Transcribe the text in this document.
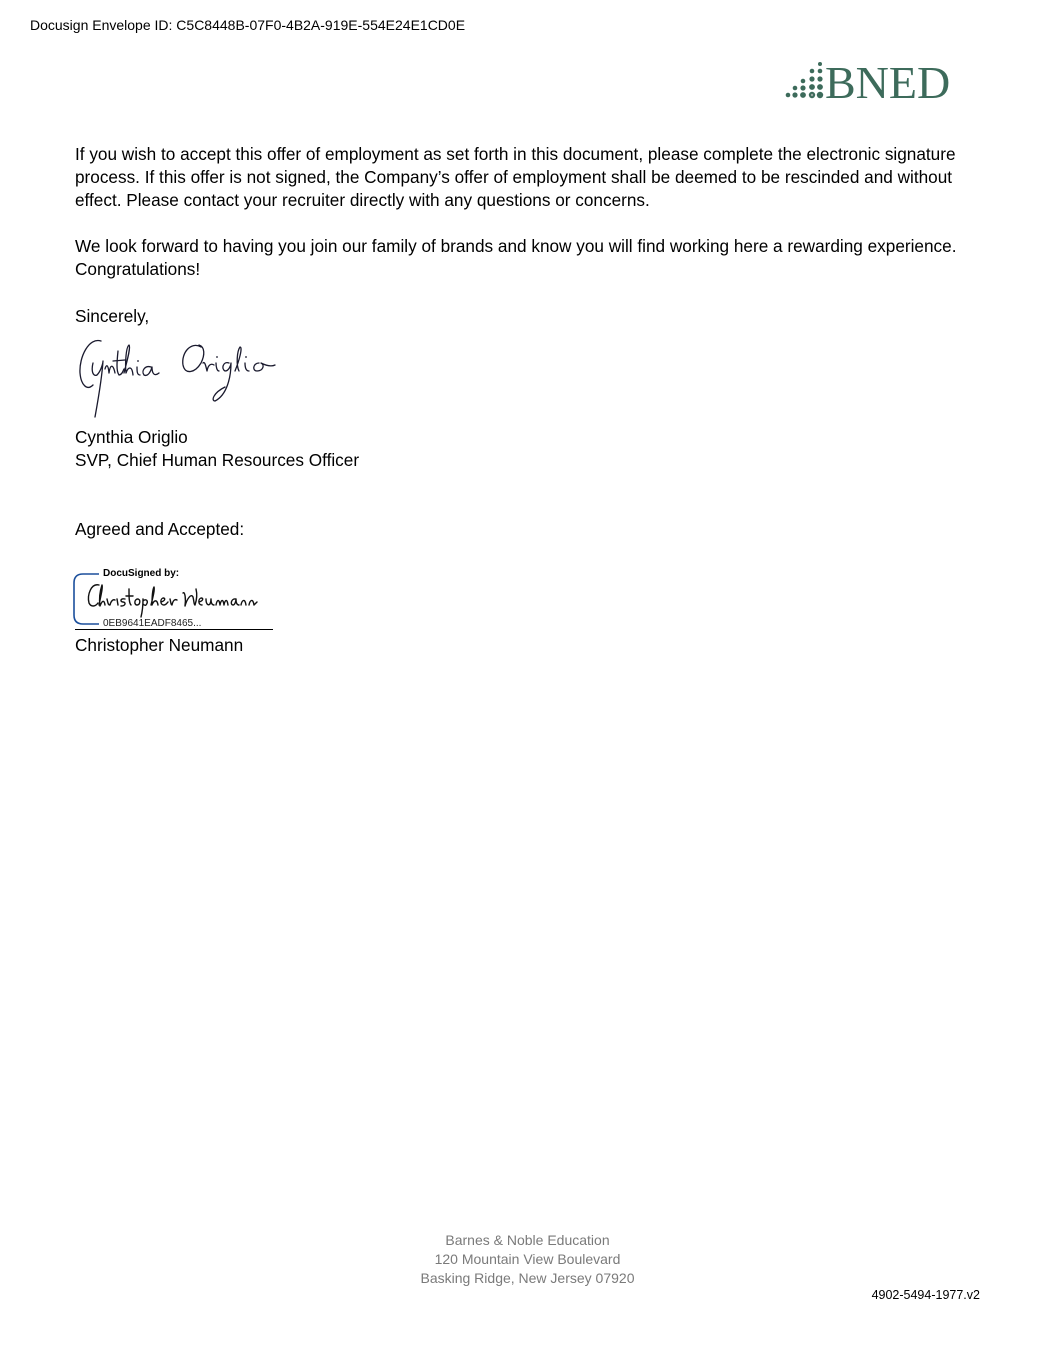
Docusign Envelope ID: C5C8448B-07F0-4B2A-919E-554E24E1CD0E
BNED
If you wish to accept this offer of employment as set forth in this document, please complete the electronic signature process. If this offer is not signed, the Company’s offer of employment shall be deemed to be rescinded and without effect. Please contact your recruiter directly with any questions or concerns.
We look forward to having you join our family of brands and know you will find working here a rewarding experience. Congratulations!
Sincerely,
Cynthia Origlio
SVP, Chief Human Resources Officer
Agreed and Accepted:
DocuSigned by:
0EB9641EADF8465...
Christopher Neumann
Barnes & Noble Education
120 Mountain View Boulevard
Basking Ridge, New Jersey 07920
4902-5494-1977.v2
